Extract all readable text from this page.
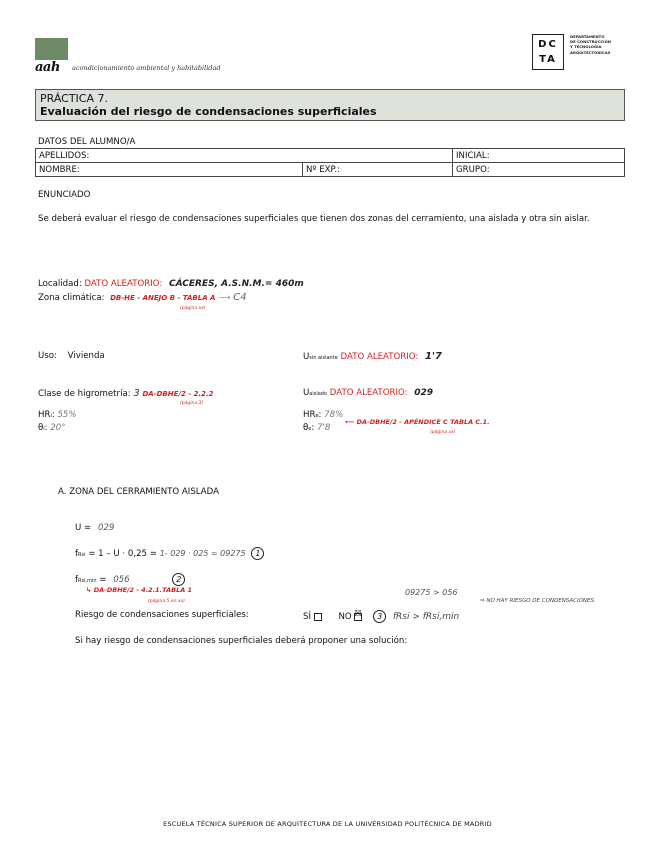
aah acondicionamiento ambiental y habitabilidad
DC
TA
DEPARTAMENTO
DE CONSTRUCCIÓN
Y TECNOLOGÍA
ARQUITECTÓNICAS
PRÁCTICA 7.
Evaluación del riesgo de condensaciones superficiales
DATOS DEL ALUMNO/A
APELLIDOS:		INICIAL:
NOMBRE:	Nº EXP.:	GRUPO:
ENUNCIADO
Se deberá evaluar el riesgo de condensaciones superficiales que tienen dos zonas del cerramiento, una aislada y otra sin aislar.
Localidad: DATO ALEATORIO: CÁCERES, A.S.N.M.= 460m
Zona climática: DB-HE - ANEJO B - TABLA A ⟶ C4
(página xx)
Uso: Vivienda	Usin aislante DATO ALEATORIO: 1'7
Clase de higrometría: 3 DA-DBHE/2 - 2.2.2
(página 3)
Uaislado DATO ALEATORIO: 029
HRi: 55%
θi: 20°
HRe: 78%
θe: 7'8
⟵ DA-DBHE/2 - APÉNDICE C TABLA C.1.
(página xx)
A. ZONA DEL CERRAMIENTO AISLADA
U = 029
fRsi = 1 – U · 0,25 = 1- 029 · 025 = 09275 1
fRsi,min = 056	2
↳ DA-DBHE/2 - 4.2.1.TABLA 1
(página 5 en xx)
09275 > 056
⇒ NO HAY RIESGO DE CONDENSACIONES.
Riesgo de condensaciones superficiales:	SÍ	NO ☒ 3 fRsi > fRsi,min
Si hay riesgo de condensaciones superficiales deberá proponer una solución:
ESCUELA TÉCNICA SUPERIOR DE ARQUITECTURA DE LA UNIVERSIDAD POLITÉCNICA DE MADRID
